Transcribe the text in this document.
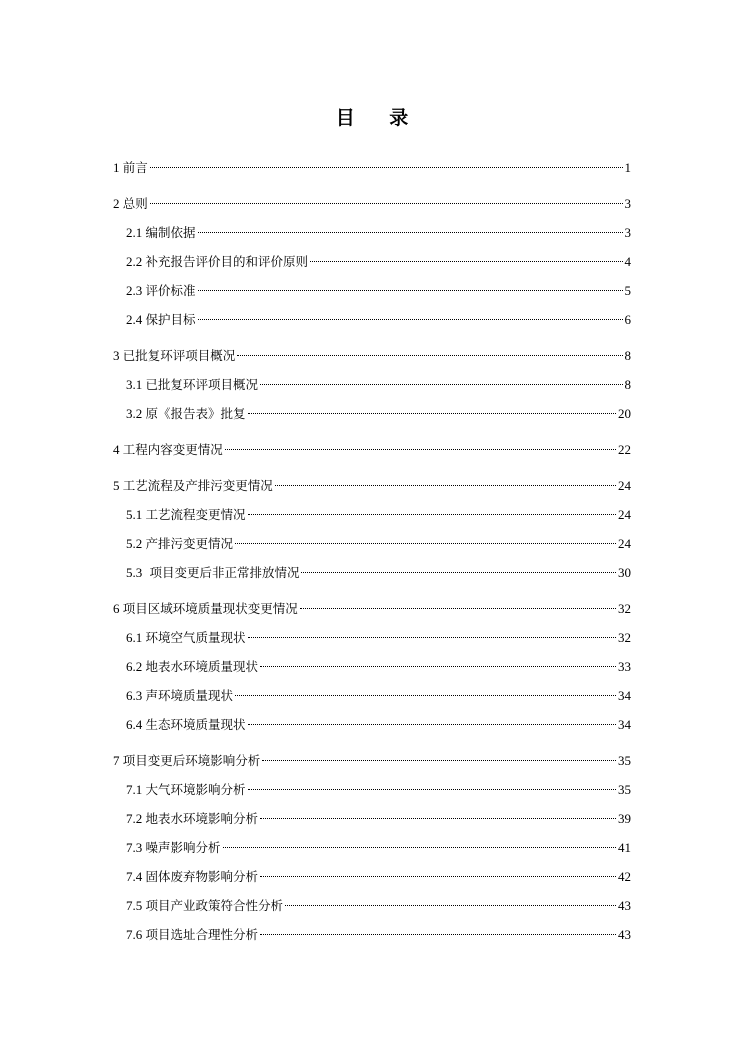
目 录
1 前言	1
2 总则	3
2.1 编制依据	3
2.2 补充报告评价目的和评价原则	4
2.3 评价标准	5
2.4 保护目标	6
3 已批复环评项目概况	8
3.1 已批复环评项目概况	8
3.2 原《报告表》批复	20
4 工程内容变更情况	22
5 工艺流程及产排污变更情况	24
5.1 工艺流程变更情况	24
5.2 产排污变更情况	24
5.3  项目变更后非正常排放情况	30
6 项目区域环境质量现状变更情况	32
6.1 环境空气质量现状	32
6.2 地表水环境质量现状	33
6.3 声环境质量现状	34
6.4 生态环境质量现状	34
7 项目变更后环境影响分析	35
7.1 大气环境影响分析	35
7.2 地表水环境影响分析	39
7.3 噪声影响分析	41
7.4 固体废弃物影响分析	42
7.5 项目产业政策符合性分析	43
7.6 项目选址合理性分析	43
